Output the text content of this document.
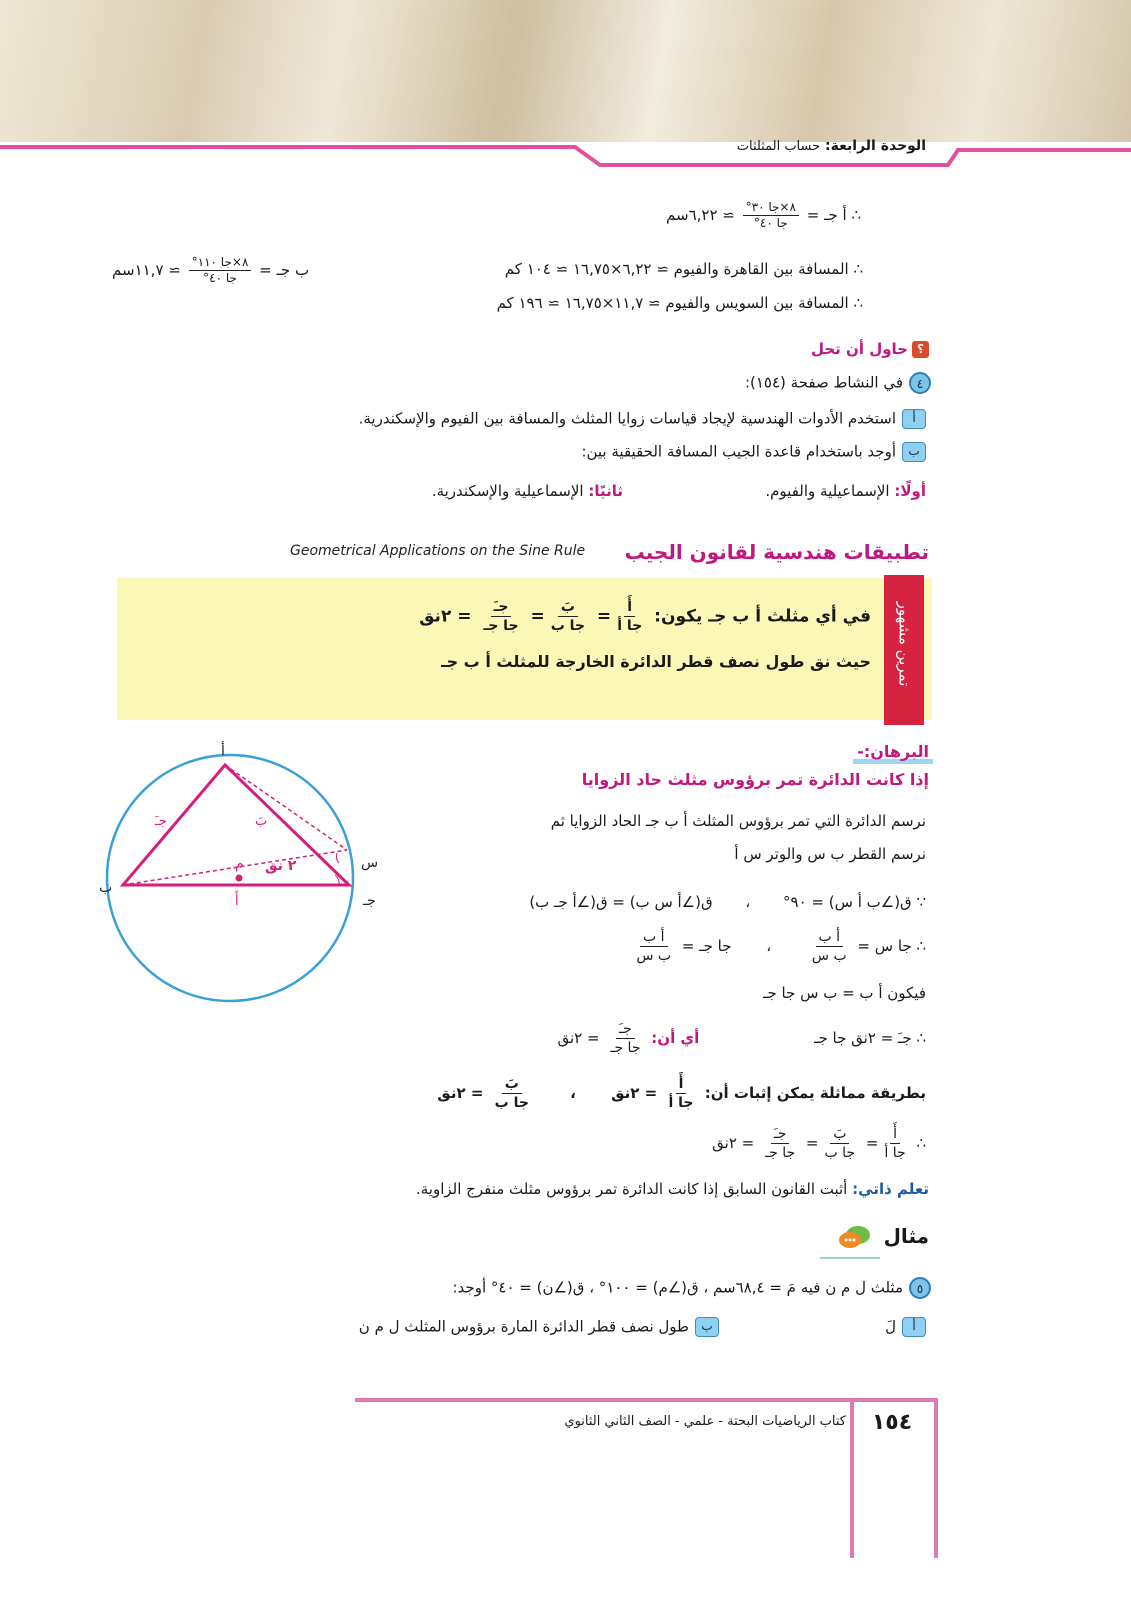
الوحدة الرابعة: حساب المثلثات
∴ أ جـ =
$\frac{\text{٨×جا ٣٠°}}{\text{جا ٤٠°}}$
≃ ٦,٢٢سم
∴ المسافة بين القاهرة والفيوم ≃ ٦,٢٢×١٦,٧٥ ≃ ١٠٤ كم
ب جـ =
$\frac{\text{٨×جا ١١٠°}}{\text{جا ٤٠°}}$
≃ ١١,٧سم
∴ المسافة بين السويس والفيوم ≃ ١١,٧×١٦,٧٥ ≃ ١٩٦ كم
؟حاول أن تحل
٤في النشاط صفحة (١٥٤):
أاستخدم الأدوات الهندسية لإيجاد قياسات زوايا المثلث والمسافة بين الفيوم والإسكندرية.
بأوجد باستخدام قاعدة الجيب المسافة الحقيقية بين:
أولًا: الإسماعيلية والفيوم.
ثانيًا: الإسماعيلية والإسكندرية.
تطبيقات هندسية لقانون الجيب
Geometrical Applications on the Sine Rule
تمرين مشهور
في أي مثلث أ ب جـ يكون:
$\frac{\text{أَ}}{\text{جا أ}}$
=
$\frac{\text{بَ}}{\text{جا ب}}$
=
$\frac{\text{جـَ}}{\text{جا جـ}}$
= ٢نق
حيث نق طول نصف قطر الدائرة الخارجة للمثلث أ ب جـ
أ
ب
جـ
س
م
جـَ	بَ
أَ
٢ نق
البرهان:-
إذا كانت الدائرة تمر برؤوس مثلث حاد الزوايا
نرسم الدائرة التي تمر برؤوس المثلث أ ب جـ الحاد الزوايا ثم
نرسم القطر ب س والوتر س أ
∵ ق(∠ب أ س) = ٩٠° ، ق(∠أ س ب) = ق(∠أ جـ ب)
∴ جا س =
$\frac{\text{أ ب}}{\text{ب س}}$
، جا جـ =
$\frac{\text{أ ب}}{\text{ب س}}$
فيكون أ ب = ب س جا جـ
∴ جـَ = ٢نق جا جـ أي أن:
$\frac{\text{جـَ}}{\text{جا جـ}}$
= ٢نق
بطريقة مماثلة يمكن إثبات أن:
$\frac{\text{أَ}}{\text{جا أ}}$
= ٢نق ،
$\frac{\text{بَ}}{\text{جا ب}}$
= ٢نق
∴
$\frac{\text{أَ}}{\text{جا أ}}$
=
$\frac{\text{بَ}}{\text{جا ب}}$
=
$\frac{\text{جـَ}}{\text{جا جـ}}$
= ٢نق
تعلم ذاتي: أثبت القانون السابق إذا كانت الدائرة تمر برؤوس مثلث منفرج الزاوية.
مثال
٥مثلث ل م ن فيه مَ = ٦٨,٤سم ، ق(∠م) = ١٠٠° ، ق(∠ن) = ٤٠° أوجد:
ألَ
بطول نصف قطر الدائرة المارة برؤوس المثلث ل م ن
كتاب الرياضيات البحتة - علمي - الصف الثاني الثانوي	١٥٤
